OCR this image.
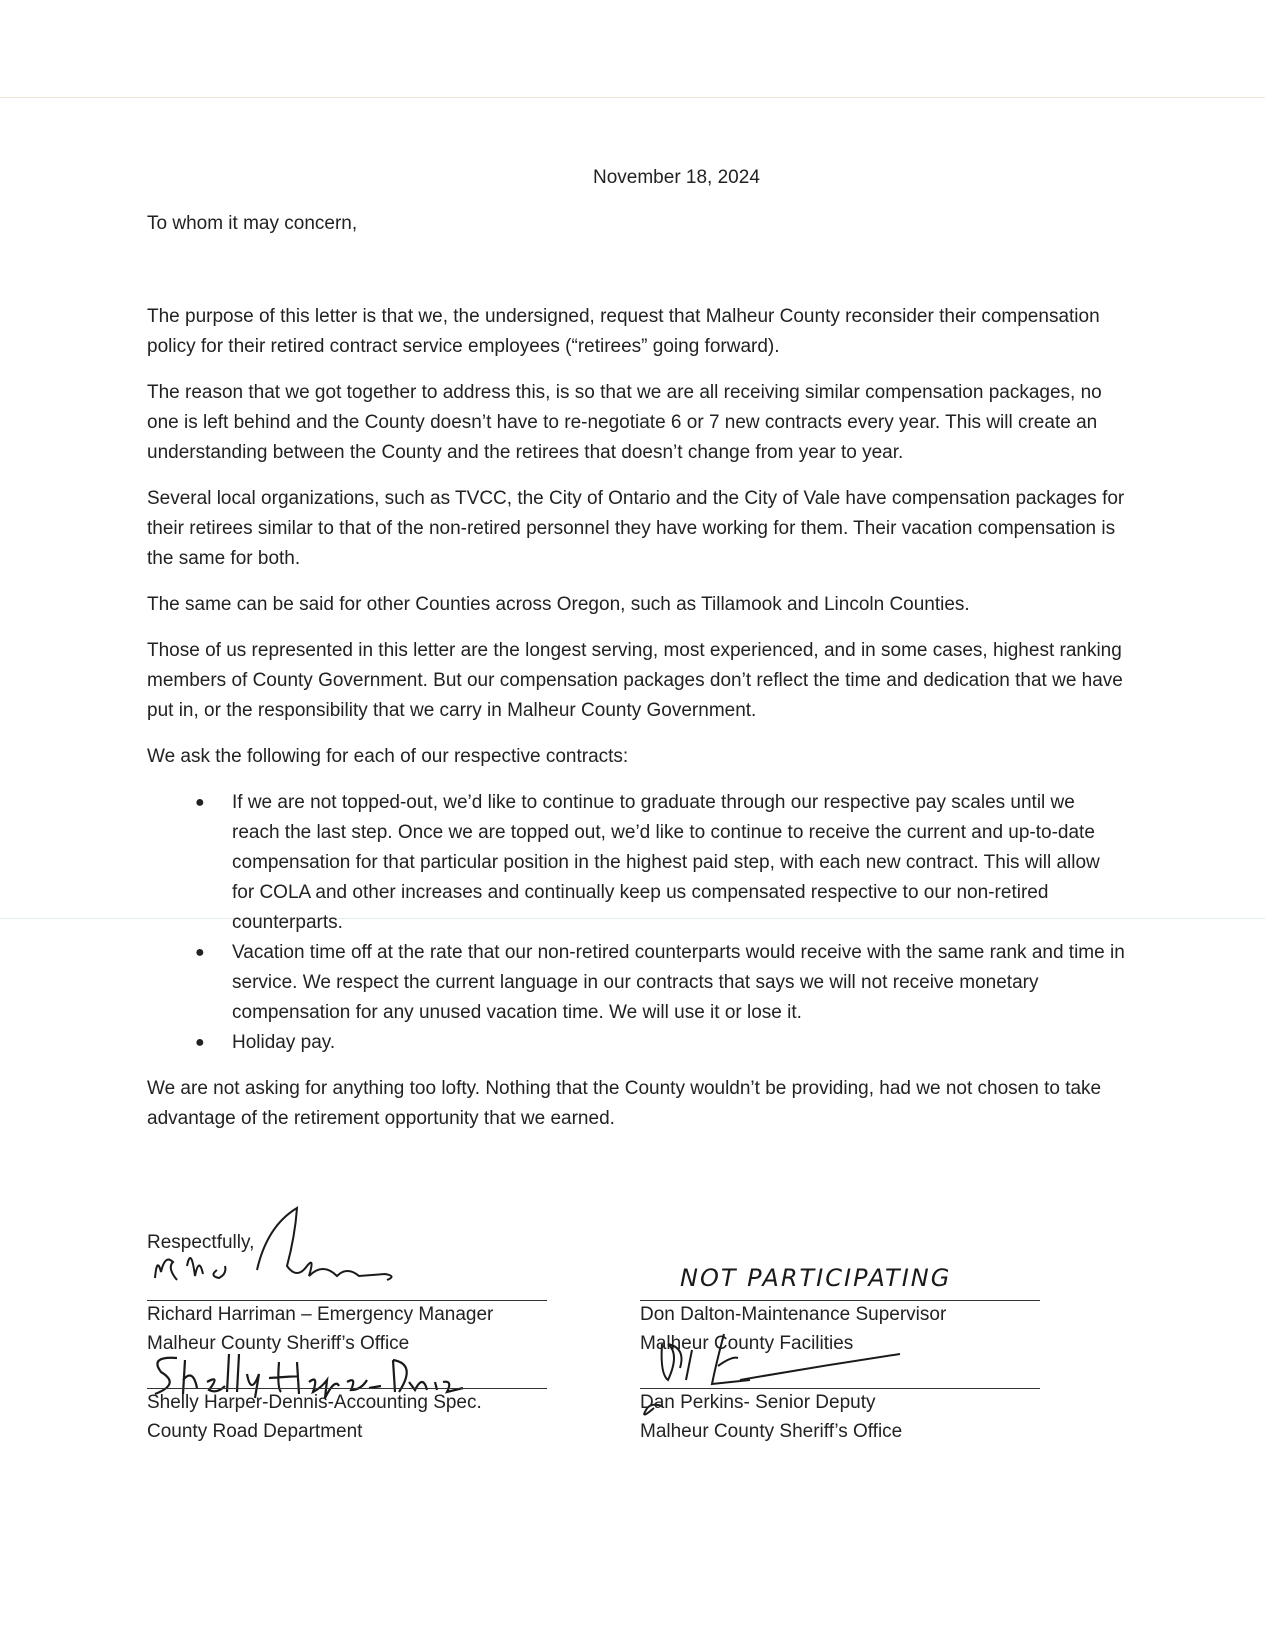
November 18, 2024
To whom it may concern,

The purpose of this letter is that we, the undersigned, request that Malheur County reconsider their compensation policy for their retired contract service employees (“retirees” going forward).

The reason that we got together to address this, is so that we are all receiving similar compensation packages, no one is left behind and the County doesn’t have to re-negotiate 6 or 7 new contracts every year. This will create an understanding between the County and the retirees that doesn’t change from year to year.

Several local organizations, such as TVCC, the City of Ontario and the City of Vale have compensation packages for their retirees similar to that of the non-retired personnel they have working for them. Their vacation compensation is the same for both.

The same can be said for other Counties across Oregon, such as Tillamook and Lincoln Counties.

Those of us represented in this letter are the longest serving, most experienced, and in some cases, highest ranking members of County Government. But our compensation packages don’t reflect the time and dedication that we have put in, or the responsibility that we carry in Malheur County Government.

We ask the following for each of our respective contracts:

● If we are not topped-out, we’d like to continue to graduate through our respective pay scales until we reach the last step. Once we are topped out, we’d like to continue to receive the current and up-to-date compensation for that particular position in the highest paid step, with each new contract. This will allow for COLA and other increases and continually keep us compensated respective to our non-retired counterparts.
● Vacation time off at the rate that our non-retired counterparts would receive with the same rank and time in service. We respect the current language in our contracts that says we will not receive monetary compensation for any unused vacation time. We will use it or lose it.
● Holiday pay.

We are not asking for anything too lofty. Nothing that the County wouldn’t be providing, had we not chosen to take advantage of the retirement opportunity that we earned.

Respectfully,
Richard Harriman – Emergency Manager
Malheur County Sheriff’s Office
NOT PARTICIPATING
Don Dalton-Maintenance Supervisor
Malheur County Facilities
Shelly Harper-Dennis-Accounting Spec.
County Road Department
Dan Perkins- Senior Deputy
Malheur County Sheriff’s Office
